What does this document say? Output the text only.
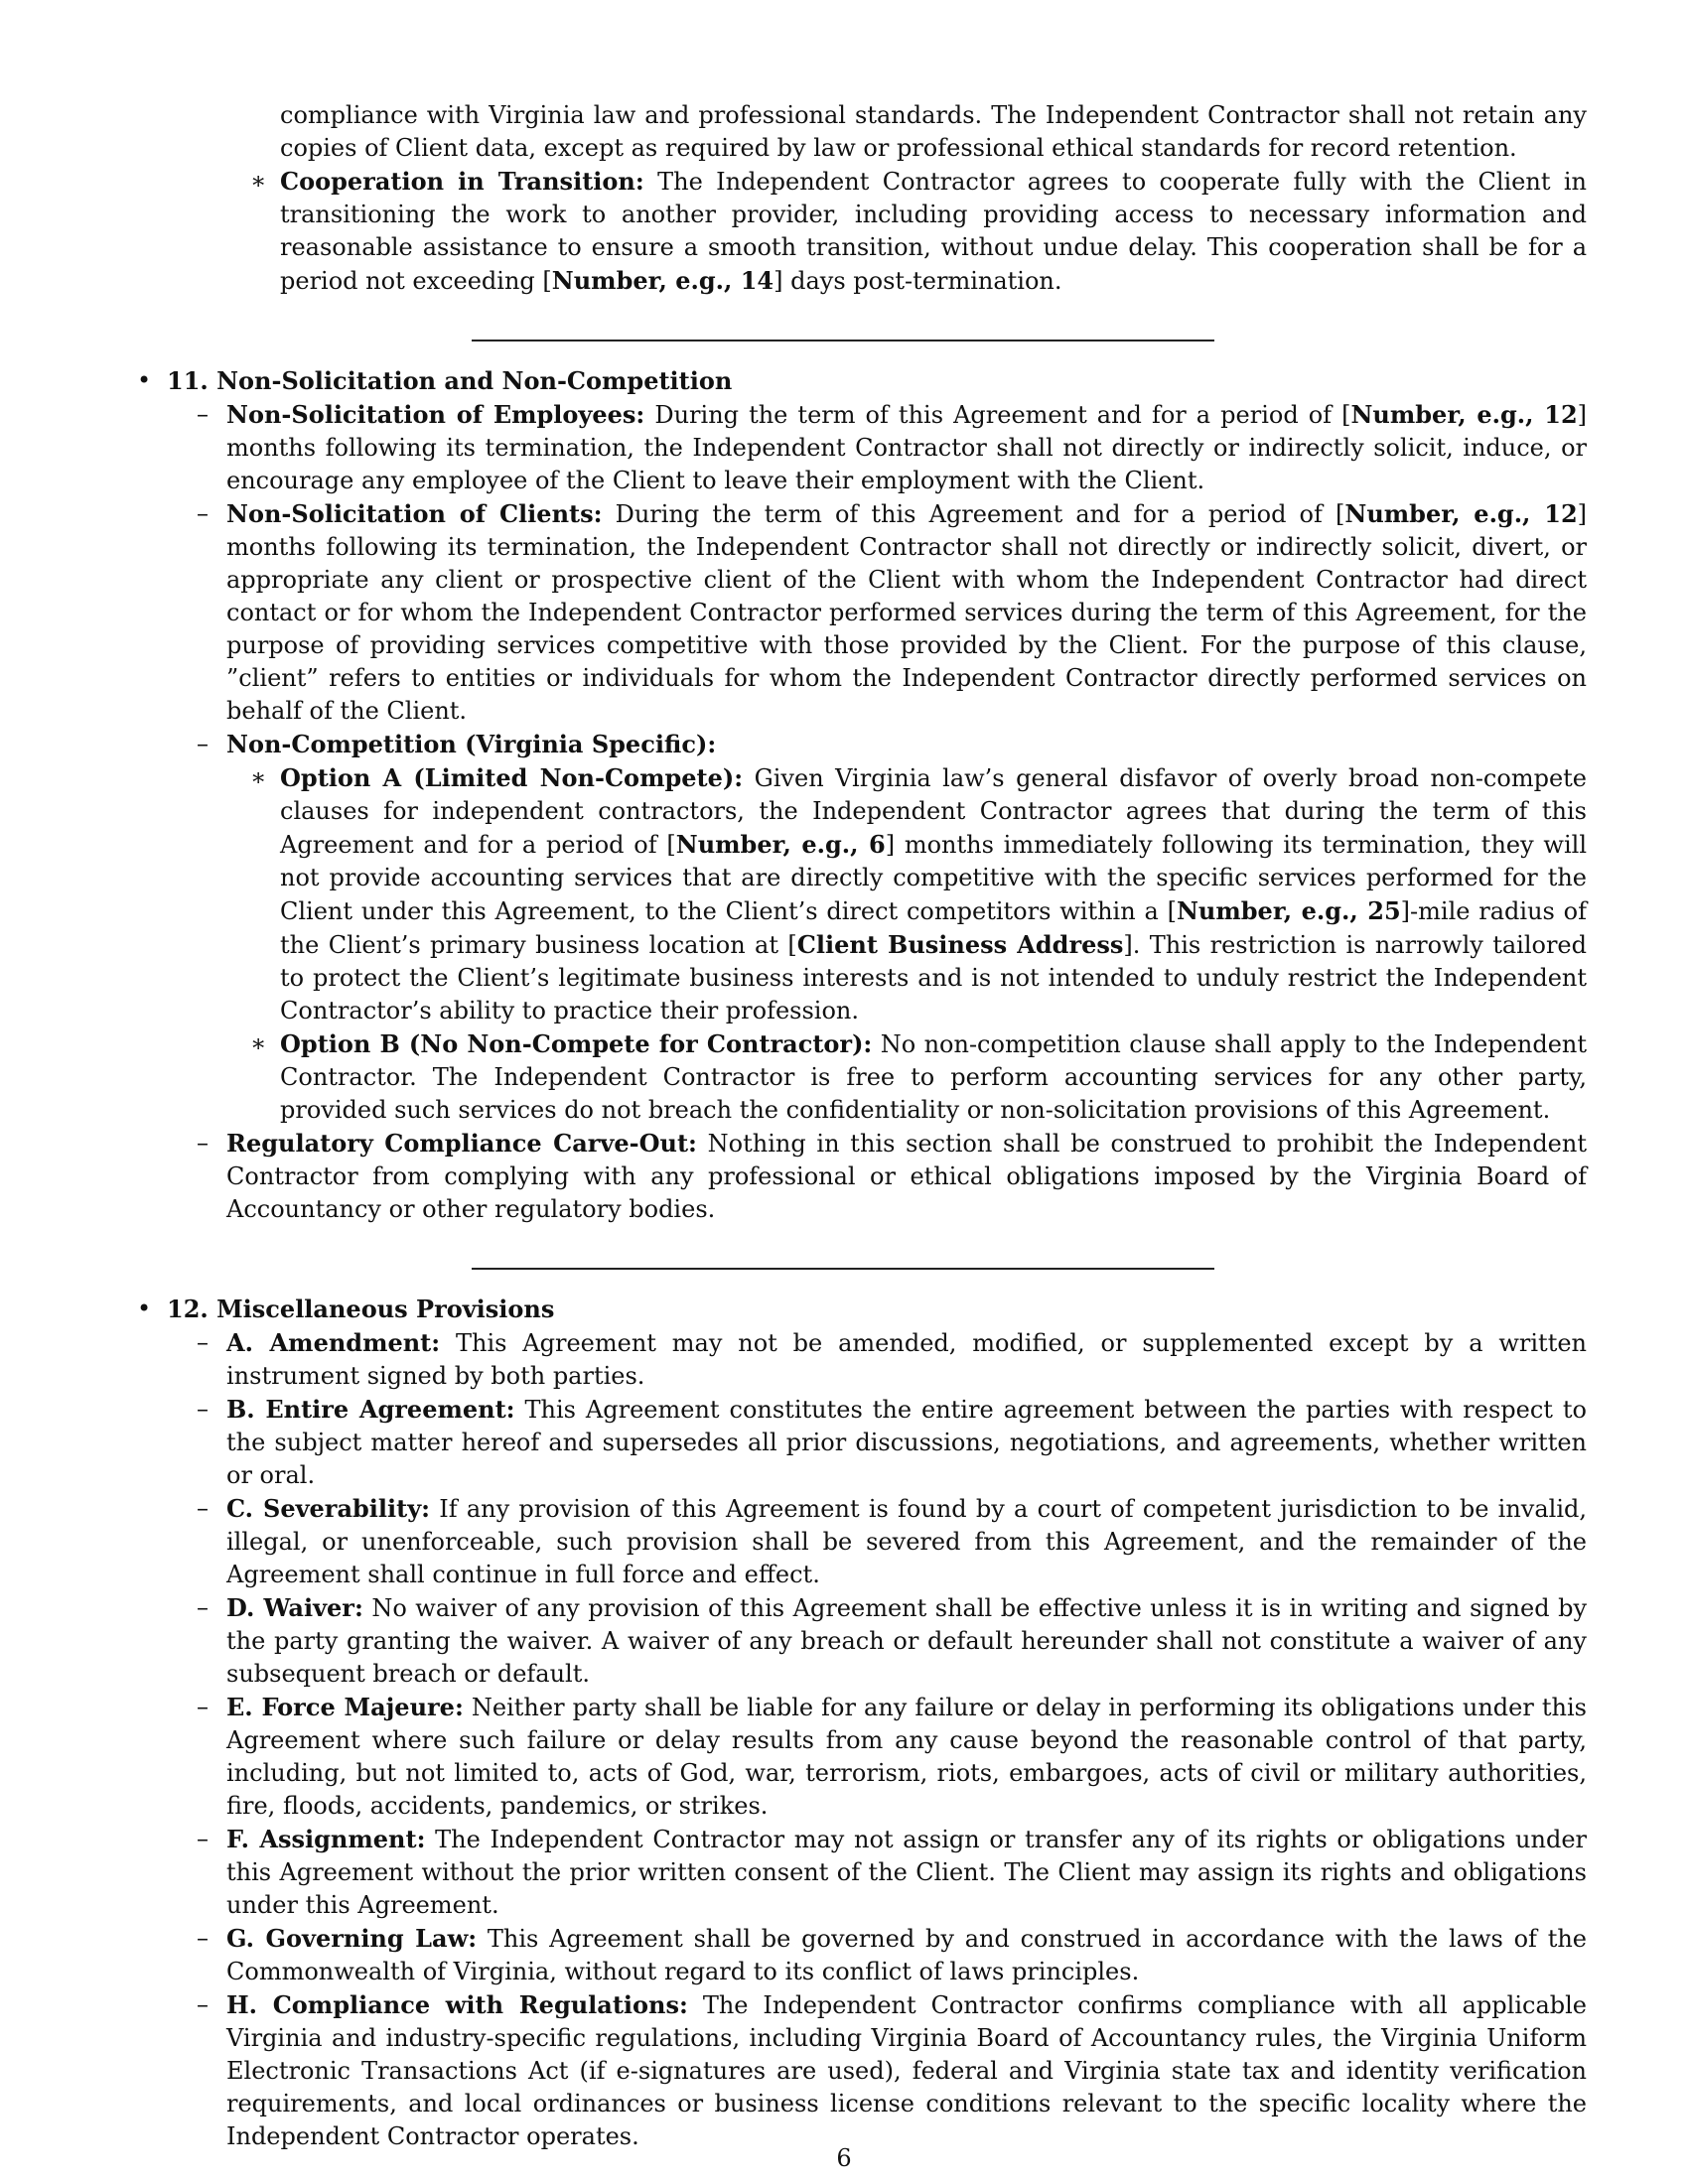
compliance with Virginia law and professional standards. The Independent Contractor shall not retain any copies of Client data, except as required by law or professional ethical standards for record retention.
∗ Cooperation in Transition: The Independent Contractor agrees to cooperate fully with the Client in transitioning the work to another provider, including providing access to necessary information and reasonable assistance to ensure a smooth transition, without undue delay. This cooperation shall be for a period not exceeding [Number, e.g., 14] days post-termination.
• 11. Non-Solicitation and Non-Competition
– Non-Solicitation of Employees: During the term of this Agreement and for a period of [Number, e.g., 12] months following its termination, the Independent Contractor shall not directly or indirectly solicit, induce, or encourage any employee of the Client to leave their employment with the Client.
– Non-Solicitation of Clients: During the term of this Agreement and for a period of [Number, e.g., 12] months following its termination, the Independent Contractor shall not directly or indirectly solicit, divert, or appropriate any client or prospective client of the Client with whom the Independent Contractor had direct contact or for whom the Independent Contractor performed services during the term of this Agreement, for the purpose of providing services competitive with those provided by the Client. For the purpose of this clause, ”client” refers to entities or individuals for whom the Independent Contractor directly performed services on behalf of the Client.
– Non-Competition (Virginia Specific):
∗ Option A (Limited Non-Compete): Given Virginia law’s general disfavor of overly broad non-compete clauses for independent contractors, the Independent Contractor agrees that during the term of this Agreement and for a period of [Number, e.g., 6] months immediately following its termination, they will not provide accounting services that are directly competitive with the specific services performed for the Client under this Agreement, to the Client’s direct competitors within a [Number, e.g., 25]-mile radius of the Client’s primary business location at [Client Business Address]. This restriction is narrowly tailored to protect the Client’s legitimate business interests and is not intended to unduly restrict the Independent Contractor’s ability to practice their profession.
∗ Option B (No Non-Compete for Contractor): No non-competition clause shall apply to the Independent Contractor. The Independent Contractor is free to perform accounting services for any other party, provided such services do not breach the confidentiality or non-solicitation provisions of this Agreement.
– Regulatory Compliance Carve-Out: Nothing in this section shall be construed to prohibit the Independent Contractor from complying with any professional or ethical obligations imposed by the Virginia Board of Accountancy or other regulatory bodies.
• 12. Miscellaneous Provisions
– A. Amendment: This Agreement may not be amended, modified, or supplemented except by a written instrument signed by both parties.
– B. Entire Agreement: This Agreement constitutes the entire agreement between the parties with respect to the subject matter hereof and supersedes all prior discussions, negotiations, and agreements, whether written or oral.
– C. Severability: If any provision of this Agreement is found by a court of competent jurisdiction to be invalid, illegal, or unenforceable, such provision shall be severed from this Agreement, and the remainder of the Agreement shall continue in full force and effect.
– D. Waiver: No waiver of any provision of this Agreement shall be effective unless it is in writing and signed by the party granting the waiver. A waiver of any breach or default hereunder shall not constitute a waiver of any subsequent breach or default.
– E. Force Majeure: Neither party shall be liable for any failure or delay in performing its obligations under this Agreement where such failure or delay results from any cause beyond the reasonable control of that party, including, but not limited to, acts of God, war, terrorism, riots, embargoes, acts of civil or military authorities, fire, floods, accidents, pandemics, or strikes.
– F. Assignment: The Independent Contractor may not assign or transfer any of its rights or obligations under this Agreement without the prior written consent of the Client. The Client may assign its rights and obligations under this Agreement.
– G. Governing Law: This Agreement shall be governed by and construed in accordance with the laws of the Commonwealth of Virginia, without regard to its conflict of laws principles.
– H. Compliance with Regulations: The Independent Contractor confirms compliance with all applicable Virginia and industry-specific regulations, including Virginia Board of Accountancy rules, the Virginia Uniform Electronic Transactions Act (if e-signatures are used), federal and Virginia state tax and identity verification requirements, and local ordinances or business license conditions relevant to the specific locality where the Independent Contractor operates.
6
